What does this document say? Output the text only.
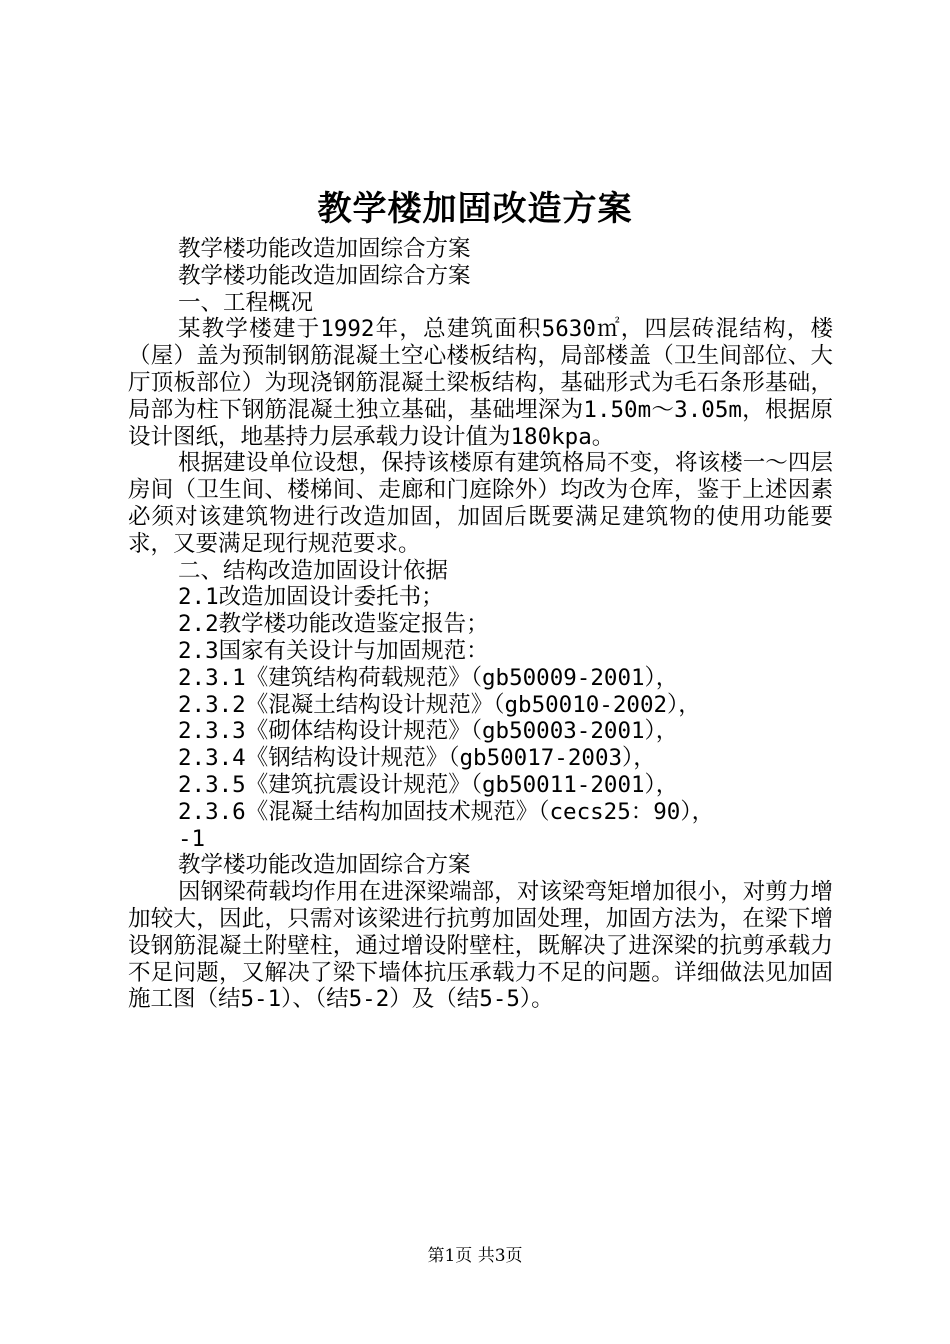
教学楼加固改造方案

教学楼功能改造加固综合方案

教学楼功能改造加固综合方案

一、工程概况

某教学楼建于1992年，总建筑面积5630㎡，四层砖混结构，楼（屋）盖为预制钢筋混凝土空心楼板结构，局部楼盖（卫生间部位、大厅顶板部位）为现浇钢筋混凝土梁板结构，基础形式为毛石条形基础，局部为柱下钢筋混凝土独立基础，基础埋深为1.50m～3.05m，根据原设计图纸，地基持力层承载力设计值为180kpa。

根据建设单位设想，保持该楼原有建筑格局不变，将该楼一～四层房间（卫生间、楼梯间、走廊和门庭除外）均改为仓库，鉴于上述因素必须对该建筑物进行改造加固，加固后既要满足建筑物的使用功能要求，又要满足现行规范要求。

二、结构改造加固设计依据

2.1改造加固设计委托书；

2.2教学楼功能改造鉴定报告；

2.3国家有关设计与加固规范：

2.3.1《建筑结构荷载规范》（gb50009-2001），

2.3.2《混凝土结构设计规范》（gb50010-2002），

2.3.3《砌体结构设计规范》（gb50003-2001），

2.3.4《钢结构设计规范》（gb50017-2003），

2.3.5《建筑抗震设计规范》（gb50011-2001），

2.3.6《混凝土结构加固技术规范》（cecs25：90），

-1

教学楼功能改造加固综合方案

因钢梁荷载均作用在进深梁端部，对该梁弯矩增加很小，对剪力增加较大，因此，只需对该梁进行抗剪加固处理，加固方法为，在梁下增设钢筋混凝土附壁柱，通过增设附壁柱，既解决了进深梁的抗剪承载力不足问题，又解决了梁下墙体抗压承载力不足的问题。详细做法见加固施工图（结5-1）、（结5-2）及（结5-5）。

第1页 共3页
